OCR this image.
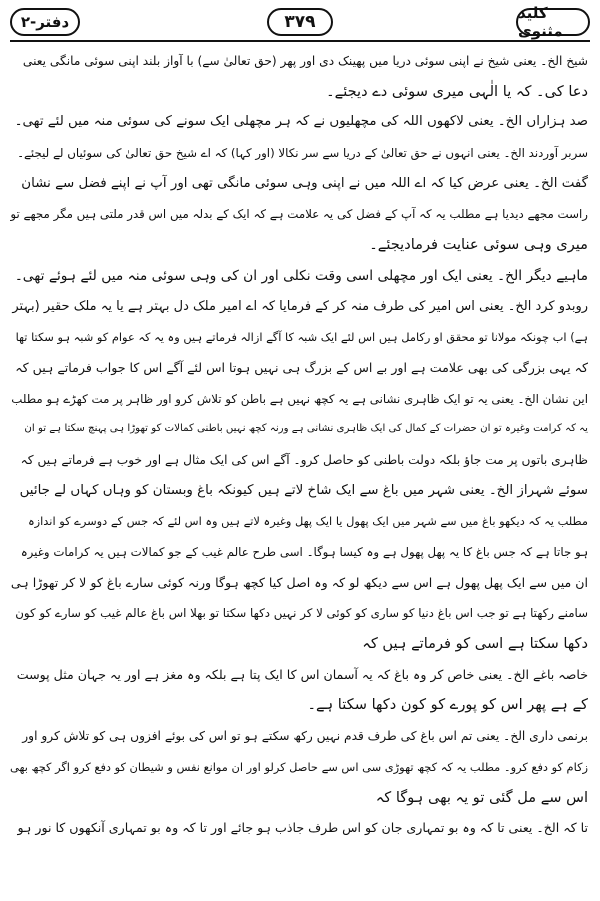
کلید مثنوی
۳۷۹
دفتر-۲
شیخ الخ۔ یعنی شیخ نے اپنی سوئی دریا میں پھینک دی اور پھر (حق تعالیٰ سے) با آواز بلند اپنی سوئی مانگی یعنی
دعا کی۔ کہ یا الٰہی میری سوئی دے دیجئے۔
صد ہزاراں الخ۔ یعنی لاکھوں اللہ کی مچھلیوں نے کہ ہر مچھلی ایک سونے کی سوئی منہ میں لئے تھی۔
سربر آوردند الخ۔ یعنی انہوں نے حق تعالیٰ کے دریا سے سر نکالا (اور کہا) کہ اے شیخ حق تعالیٰ کی سوئیاں لے لیجئے۔
گفت الخ۔ یعنی عرض کیا کہ اے اللہ میں نے اپنی وہی سوئی مانگی تھی اور آپ نے اپنے فضل سے نشان
راست مجھے دیدیا ہے مطلب یہ کہ آپ کے فضل کی یہ علامت ہے کہ ایک کے بدلہ میں اس قدر ملتی ہیں مگر مجھے تو
میری وہی سوئی عنایت فرمادیجئے۔
ماہیے دیگر الخ۔ یعنی ایک اور مچھلی اسی وقت نکلی اور ان کی وہی سوئی منہ میں لئے ہوئے تھی۔
روبدو کرد الخ۔ یعنی اس امیر کی طرف منہ کر کے فرمایا کہ اے امیر ملک دل بہتر ہے یا یہ ملک حقیر (بہتر
ہے) اب چونکہ مولانا تو محقق او رکامل ہیں اس لئے ایک شبہ کا آگے ازالہ فرماتے ہیں وہ یہ کہ عوام کو شبہ ہو سکتا تھا
کہ یہی بزرگی کی بھی علامت ہے اور بے اس کے بزرگ ہی نہیں ہوتا اس لئے آگے اس کا جواب فرماتے ہیں کہ
این نشان الخ۔ یعنی یہ تو ایک ظاہری نشانی ہے یہ کچھ نہیں ہے باطن کو تلاش کرو اور ظاہر پر مت کھڑے ہو مطلب
یہ کہ کرامت وغیرہ تو ان حضرات کے کمال کی ایک ظاہری نشانی ہے ورنہ کچھ نہیں باطنی کمالات کو تھوڑا ہی پہنچ سکتا ہے تو ان
ظاہری باتوں پر مت جاؤ بلکہ دولت باطنی کو حاصل کرو۔ آگے اس کی ایک مثال ہے اور خوب ہے فرماتے ہیں کہ
سوئے شہراز الخ۔ یعنی شہر میں باغ سے ایک شاخ لاتے ہیں کیونکہ باغ وبستان کو وہاں کہاں لے جائیں
مطلب یہ کہ دیکھو باغ میں سے شہر میں ایک پھول یا ایک پھل وغیرہ لاتے ہیں وہ اس لئے کہ جس کے دوسرے کو اندازہ
ہو جاتا ہے کہ جس باغ کا یہ پھل پھول ہے وہ کیسا ہوگا۔ اسی طرح عالم غیب کے جو کمالات ہیں یہ کرامات وغیرہ
ان میں سے ایک پھل پھول ہے اس سے دیکھ لو کہ وہ اصل کیا کچھ ہوگا ورنہ کوئی سارے باغ کو لا کر تھوڑا ہی
سامنے رکھتا ہے تو جب اس باغ دنیا کو ساری کو کوئی لا کر نہیں دکھا سکتا تو بھلا اس باغ عالم غیب کو سارے کو کون
دکھا سکتا ہے اسی کو فرماتے ہیں کہ
خاصہ باغے الخ۔ یعنی خاص کر وہ باغ کہ یہ آسمان اس کا ایک پتا ہے بلکہ وہ مغز ہے اور یہ جہان مثل پوست
کے ہے پھر اس کو پورے کو کون دکھا سکتا ہے۔
برنمی داری الخ۔ یعنی تم اس باغ کی طرف قدم نہیں رکھ سکتے ہو تو اس کی بوئے افزوں ہی کو تلاش کرو اور
زکام کو دفع کرو۔ مطلب یہ کہ کچھ تھوڑی سی اس سے حاصل کرلو اور ان موانع نفس و شیطان کو دفع کرو اگر کچھ بھی
اس سے مل گئی تو یہ بھی ہوگا کہ
تا کہ الخ۔ یعنی تا کہ وہ بو تمہاری جان کو اس طرف جاذب ہو جائے اور تا کہ وہ بو تمہاری آنکھوں کا نور ہو
